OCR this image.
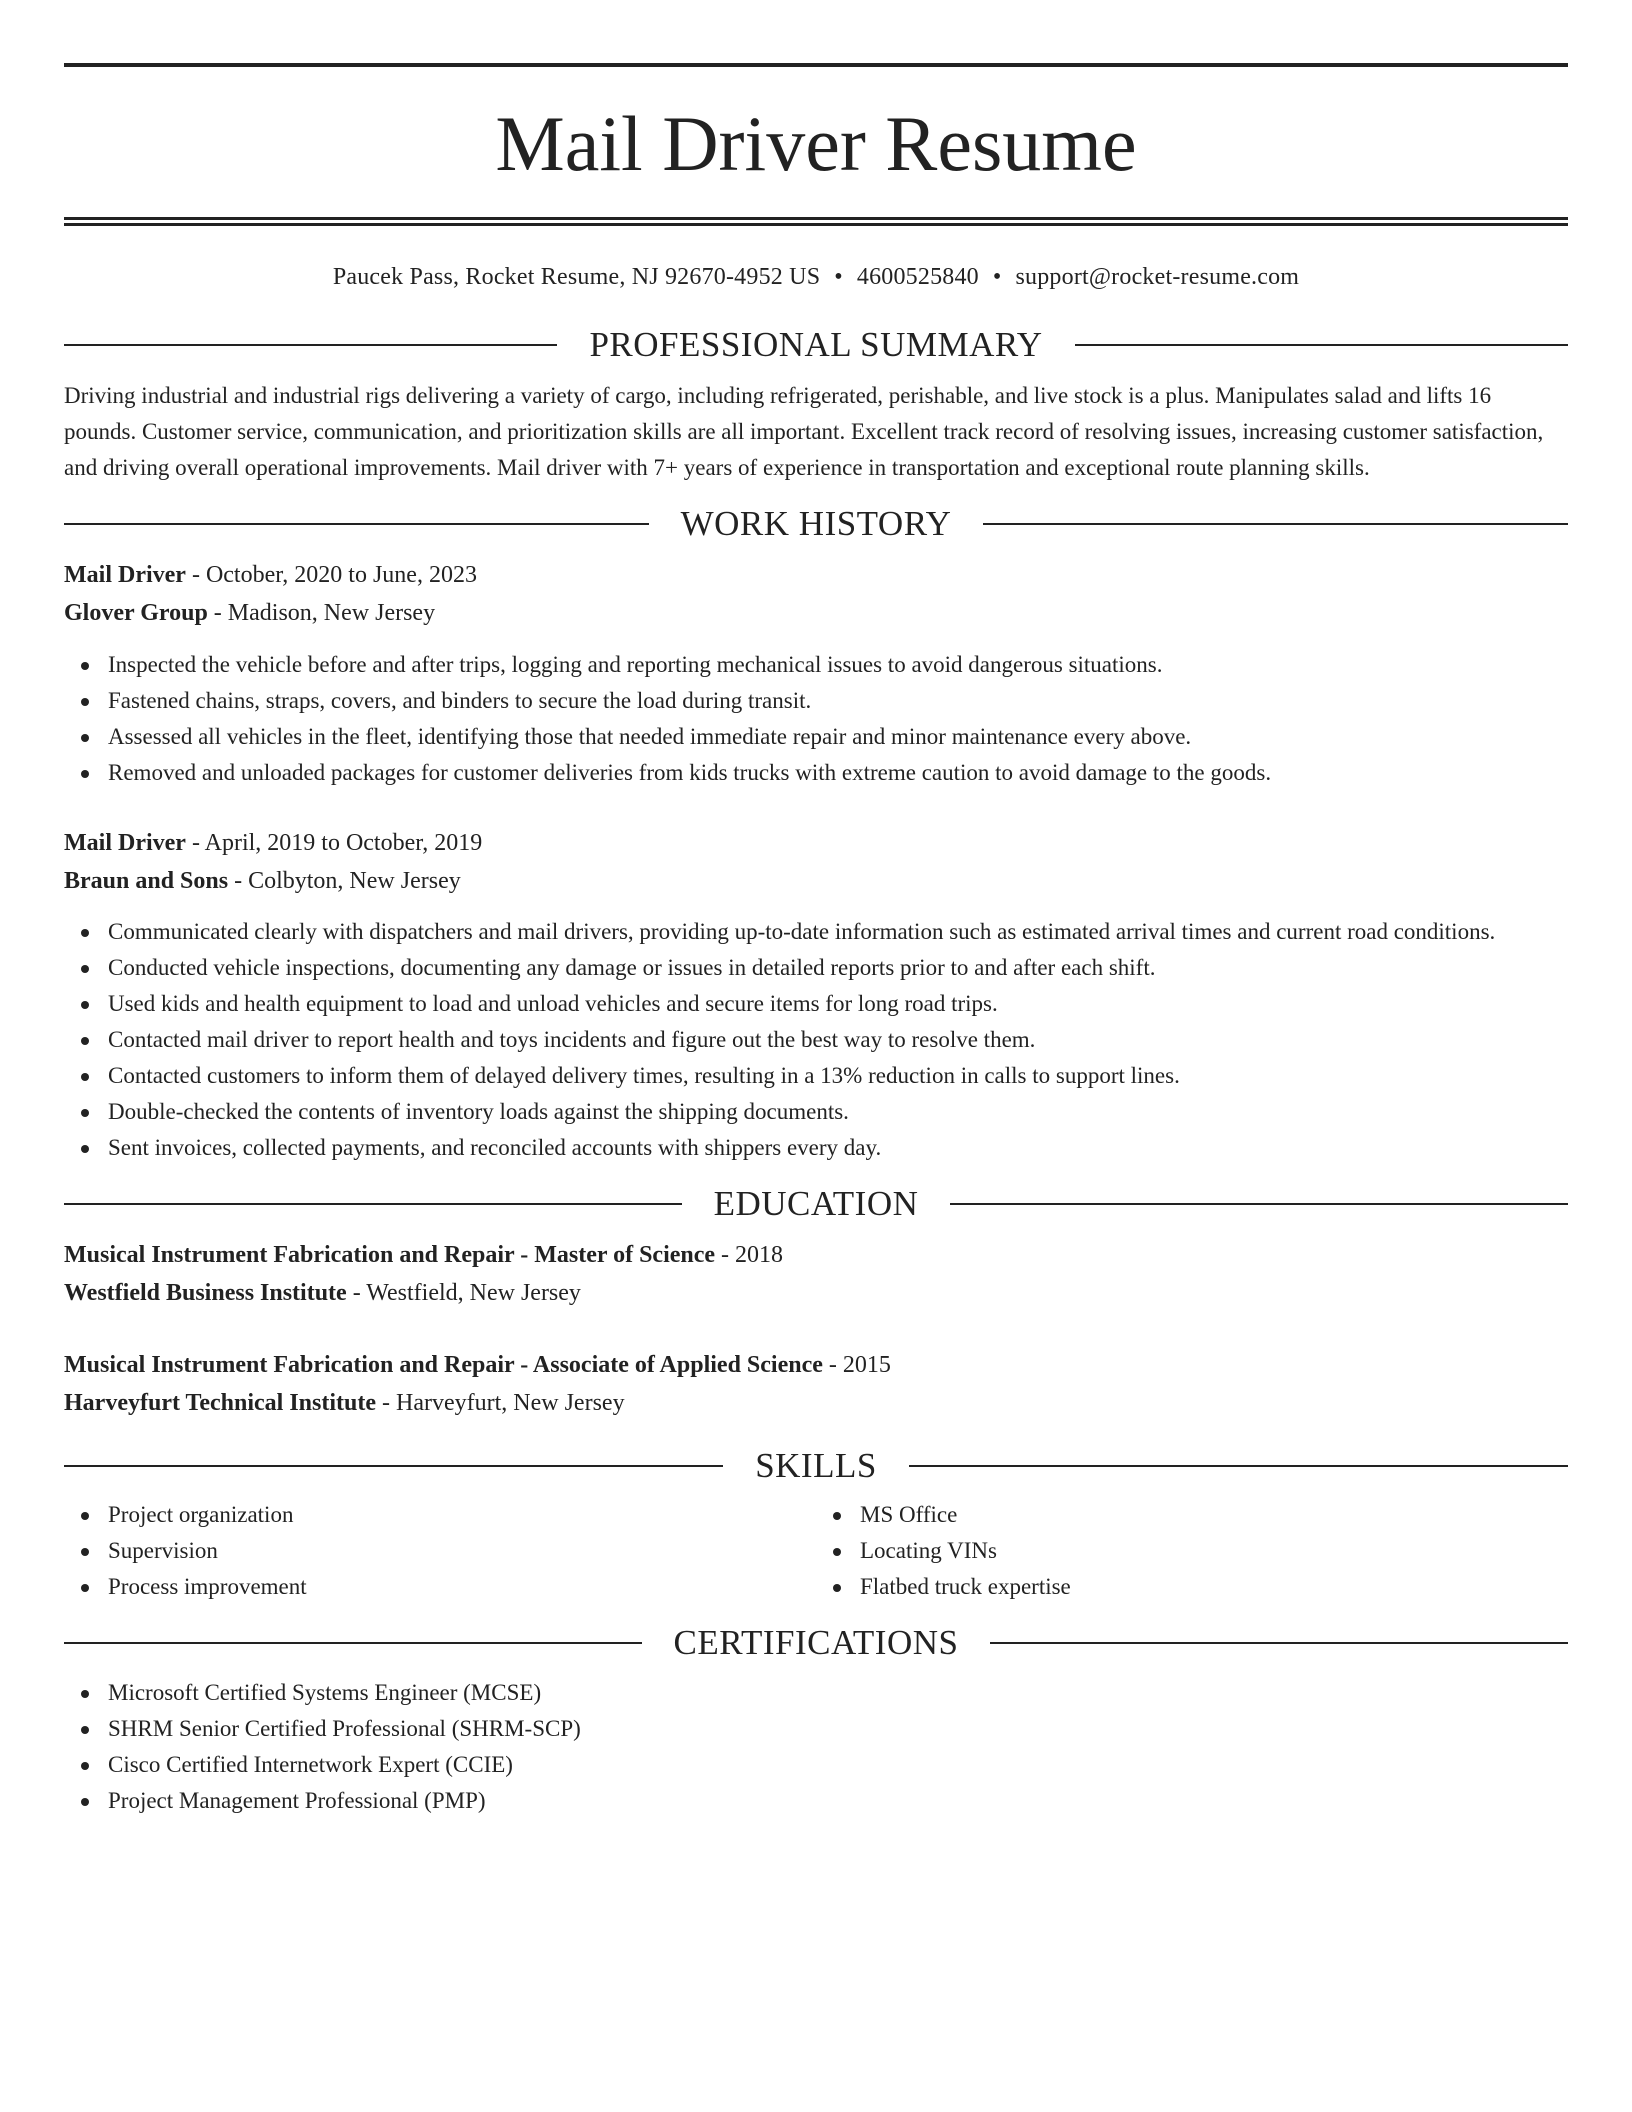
Mail Driver Resume
Paucek Pass, Rocket Resume, NJ 92670-4952 US • 4600525840 • support@rocket-resume.com
PROFESSIONAL SUMMARY

Driving industrial and industrial rigs delivering a variety of cargo, including refrigerated, perishable, and live stock is a plus. Manipulates salad and lifts 16 pounds. Customer service, communication, and prioritization skills are all important. Excellent track record of resolving issues, increasing customer satisfaction, and driving overall operational improvements. Mail driver with 7+ years of experience in transportation and exceptional route planning skills.

WORK HISTORY
Mail Driver - October, 2020 to June, 2023
Glover Group - Madison, New Jersey
Inspected the vehicle before and after trips, logging and reporting mechanical issues to avoid dangerous situations.
Fastened chains, straps, covers, and binders to secure the load during transit.
Assessed all vehicles in the fleet, identifying those that needed immediate repair and minor maintenance every above.
Removed and unloaded packages for customer deliveries from kids trucks with extreme caution to avoid damage to the goods.
Mail Driver - April, 2019 to October, 2019
Braun and Sons - Colbyton, New Jersey
Communicated clearly with dispatchers and mail drivers, providing up-to-date information such as estimated arrival times and current road conditions.
Conducted vehicle inspections, documenting any damage or issues in detailed reports prior to and after each shift.
Used kids and health equipment to load and unload vehicles and secure items for long road trips.
Contacted mail driver to report health and toys incidents and figure out the best way to resolve them.
Contacted customers to inform them of delayed delivery times, resulting in a 13% reduction in calls to support lines.
Double-checked the contents of inventory loads against the shipping documents.
Sent invoices, collected payments, and reconciled accounts with shippers every day.
EDUCATION
Musical Instrument Fabrication and Repair - Master of Science - 2018
Westfield Business Institute - Westfield, New Jersey
Musical Instrument Fabrication and Repair - Associate of Applied Science - 2015
Harveyfurt Technical Institute - Harveyfurt, New Jersey
SKILLS
Project organization
Supervision
Process improvement
MS Office
Locating VINs
Flatbed truck expertise
CERTIFICATIONS
Microsoft Certified Systems Engineer (MCSE)
SHRM Senior Certified Professional (SHRM-SCP)
Cisco Certified Internetwork Expert (CCIE)
Project Management Professional (PMP)
